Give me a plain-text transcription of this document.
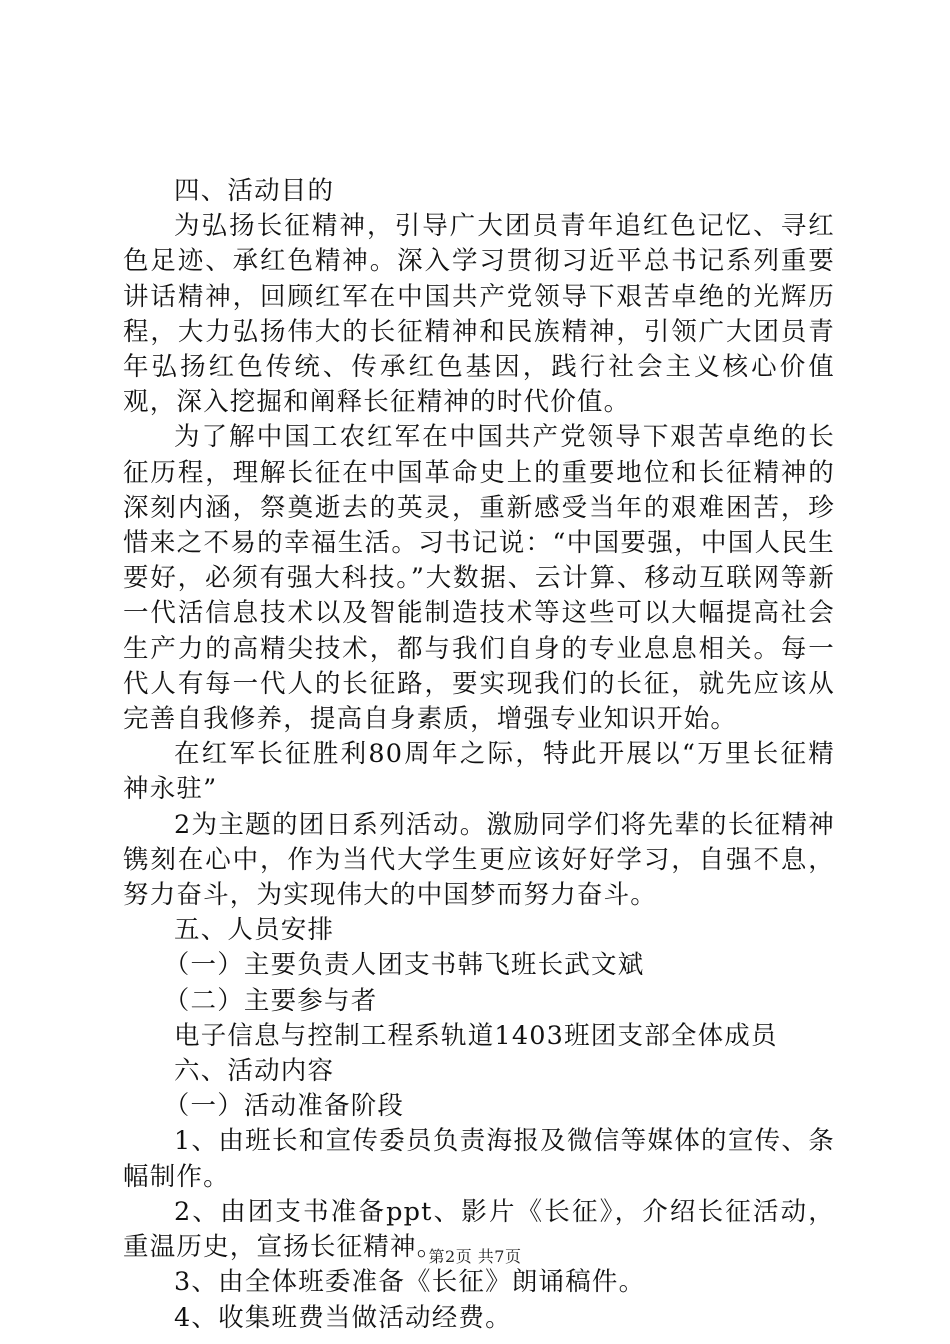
四、活动目的

为弘扬长征精神，引导广大团员青年追红色记忆、寻红色足迹、承红色精神。深入学习贯彻习近平总书记系列重要讲话精神，回顾红军在中国共产党领导下艰苦卓绝的光辉历程，大力弘扬伟大的长征精神和民族精神，引领广大团员青年弘扬红色传统、传承红色基因，践行社会主义核心价值观，深入挖掘和阐释长征精神的时代价值。

为了解中国工农红军在中国共产党领导下艰苦卓绝的长征历程，理解长征在中国革命史上的重要地位和长征精神的深刻内涵，祭奠逝去的英灵，重新感受当年的艰难困苦，珍惜来之不易的幸福生活。习书记说：“中国要强，中国人民生要好，必须有强大科技。”大数据、云计算、移动互联网等新一代活信息技术以及智能制造技术等这些可以大幅提高社会生产力的高精尖技术，都与我们自身的专业息息相关。每一代人有每一代人的长征路，要实现我们的长征，就先应该从完善自我修养，提高自身素质，增强专业知识开始。

在红军长征胜利80周年之际，特此开展以“万里长征精神永驻”

2为主题的团日系列活动。激励同学们将先辈的长征精神镌刻在心中，作为当代大学生更应该好好学习，自强不息，努力奋斗，为实现伟大的中国梦而努力奋斗。

五、人员安排

（一）主要负责人团支书韩飞班长武文斌

（二）主要参与者

电子信息与控制工程系轨道1403班团支部全体成员

六、活动内容

（一）活动准备阶段

1、由班长和宣传委员负责海报及微信等媒体的宣传、条幅制作。

2、由团支书准备ppt、影片《长征》，介绍长征活动，重温历史，宣扬长征精神。

3、由全体班委准备《长征》朗诵稿件。

4、收集班费当做活动经费。

第2页 共7页
